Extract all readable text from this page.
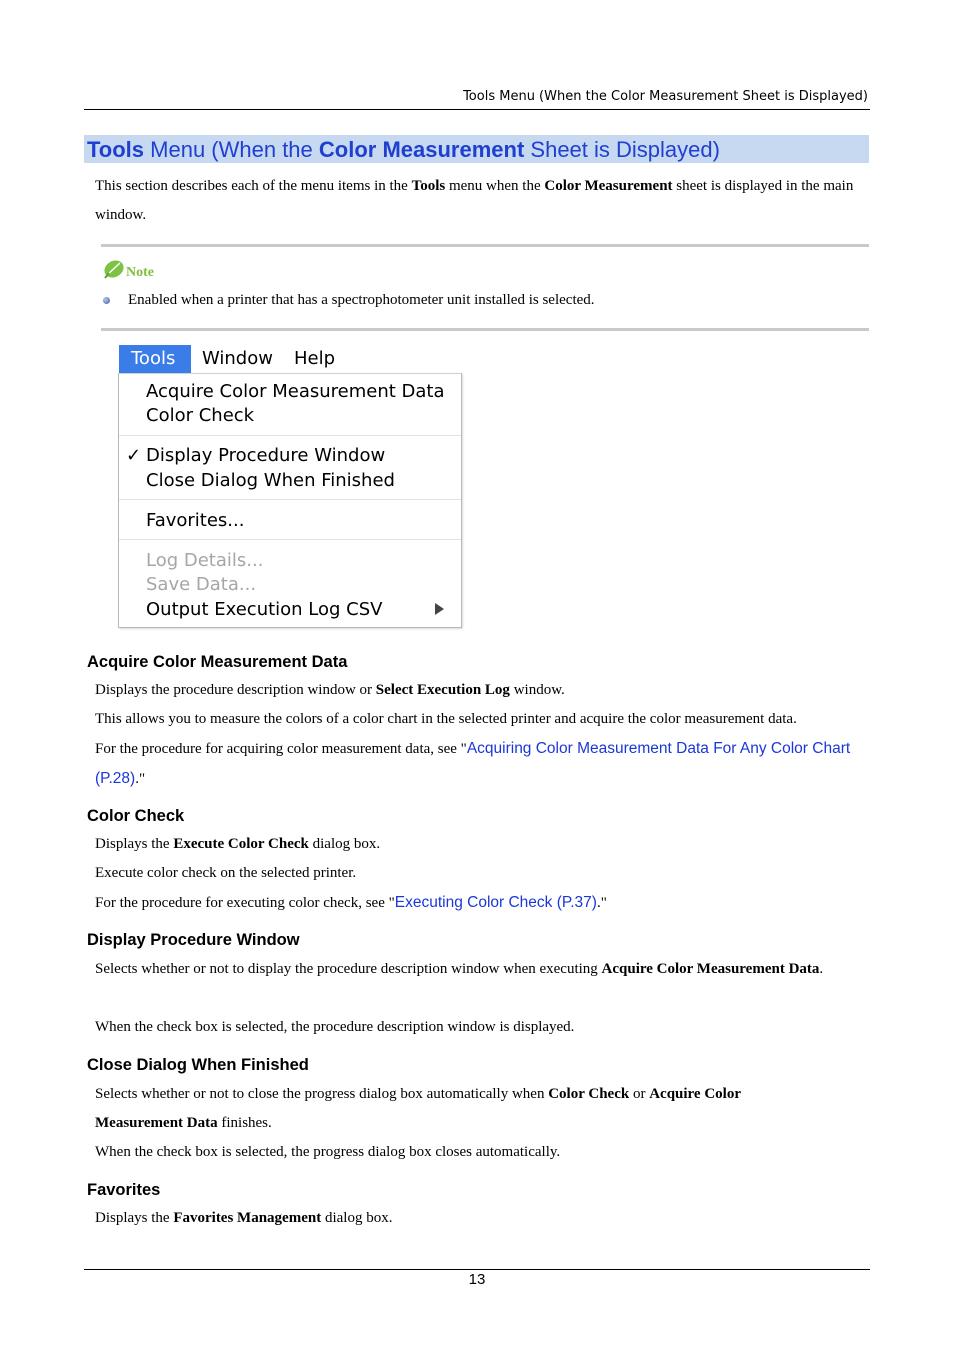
Tools Menu (When the Color Measurement Sheet is Displayed)
Tools Menu (When the Color Measurement Sheet is Displayed)
This section describes each of the menu items in the Tools menu when the Color Measurement sheet is displayed in the main window.
Note
Enabled when a printer that has a spectrophotometer unit installed is selected.
Tools	Window Help
Acquire Color Measurement Data
Color Check
✓ Display Procedure Window
Close Dialog When Finished
Favorites...
Log Details...
Save Data...
Output Execution Log CSV
Acquire Color Measurement Data
Displays the procedure description window or Select Execution Log window.
This allows you to measure the colors of a color chart in the selected printer and acquire the color measurement data.
For the procedure for acquiring color measurement data, see "Acquiring Color Measurement Data For Any Color Chart (P.28)."
Color Check
Displays the Execute Color Check dialog box.
Execute color check on the selected printer.
For the procedure for executing color check, see "Executing Color Check (P.37)."
Display Procedure Window
Selects whether or not to display the procedure description window when executing Acquire Color Measurement Data.
When the check box is selected, the procedure description window is displayed.
Close Dialog When Finished
Selects whether or not to close the progress dialog box automatically when Color Check or Acquire Color Measurement Data finishes.
When the check box is selected, the progress dialog box closes automatically.
Favorites
Displays the Favorites Management dialog box.
13
